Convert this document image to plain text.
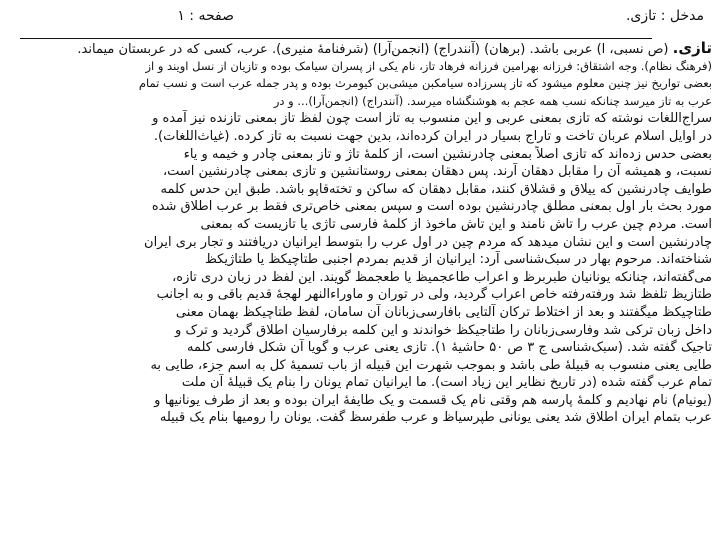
مدخل : تازی.
صفحه : ۱
تازی. (ص نسبی، ا) عربی باشد. (برهان) (آنندراج) (انجمن‌آرا) (شرفنامهٔ منیری). عرب، کسی که در عربستان میماند.
(فرهنگ نظام). وجه اشتقاق: فرزانه بهرامین فرزانه فرهاد تاز، نام یکی از پسران سیامک بوده و تازیان از نسل اویند و از
بعضی تواریخ نیز چنین معلوم میشود که تاز پسرزاده سیامکبن میشی‌بن کیومرث بوده و پدر جمله عرب است و نسب تمام
عرب به تاز میرسد چنانکه نسب همه عجم به هوشنگشاه میرسد. (آنندراج) (انجمن‌آرا)... و در
سراج‌اللغات نوشته که تازی بمعنی عربی و این منسوب به تاز است چون لفظ تاز بمعنی تازنده نیز آمده و
در اوایل اسلام عربان تاخت و تاراج بسیار در ایران کرده‌اند، بدین جهت نسبت به تاز کرده. (غیاث‌اللغات).
بعضی حدس زده‌اند که تازی اصلاً بمعنی چادرنشین است، از کلمهٔ تاژ و تاز بمعنی چادر و خیمه و یاء
نسبت، و همیشه آن را مقابل دهقان آرند. پس دهقان بمعنی روستانشین و تازی بمعنی چادرنشین است،
طوایف چادرنشین که ییلاق و قشلاق کنند، مقابل دهقان که ساکن و تخته‌قاپو باشد. طبق این حدس کلمه
مورد بحث بار اول بمعنی مطلق چادرنشین بوده است و سپس بمعنی خاص‌تری فقط بر عرب اطلاق شده
است. مردم چین عرب را تاش نامند و این تاش ماخوذ از کلمهٔ فارسی تاژی یا تازیست که بمعنی
چادرنشین است و این نشان میدهد که مردم چین در اول عرب را بتوسط ایرانیان دریافتند و تجار بری ایران
شناخته‌اند. مرحوم بهار در سبک‌شناسی آرد: ایرانیان از قدیم بمردم اجنبی طتاچیکظ یا طتاژیکظ
می‌گفته‌اند، چنانکه یونانیان طبربرظ و اعراب طاعجمیظ یا طعجمظ گویند. این لفظ در زبان دری تازه،
طتازیظ تلفظ شد ورفته‌رفته خاص اعراب گردید، ولی در توران و ماوراءالنهر لهجهٔ قدیم باقی و به اجانب
طتاچیکظ میگفتند و بعد از اختلاط ترکان آلتایی بافارسی‌زبانان آن سامان، لفظ طتاچیکظ بهمان معنی
داخل زبان ترکی شد وفارسی‌زبانان را طتاجیکظ خواندند و این کلمه برفارسیان اطلاق گردید و ترک و
تاجیک گفته شد. (سبک‌شناسی ج ۳ ص ۵۰ حاشیهٔ ۱). تازی یعنی عرب و گویا آن شکل فارسی کلمه
طایی یعنی منسوب به قبیلهٔ طی باشد و بموجب شهرت این قبیله از باب تسمیهٔ کل به اسم جزء، طایی به
تمام عرب گفته شده (در تاریخ نظایر این زیاد است). ما ایرانیان تمام یونان را بنام یک قبیلهٔ آن ملت
(یونیام) نام نهادیم و کلمهٔ پارسه هم وقتی نام یک قسمت و یک طایفهٔ ایران بوده و بعد از طرف یونانیها و
عرب بتمام ایران اطلاق شد یعنی یونانی طپرسیاظ و عرب طفرسظ گفت. یونان را رومیها بنام یک قبیله
